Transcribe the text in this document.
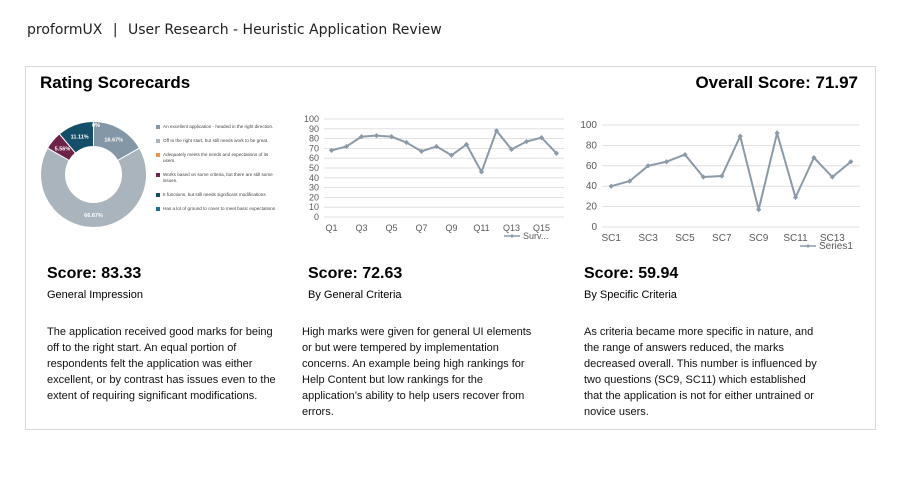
proformUX | User Research - Heuristic Application Review
Rating Scorecards	Overall Score: 71.97
16.67%
66.67%
5.56%
11.11%
0%
0%	An excellent application - headed in the right direction.
Off to the right start, but still needs work to be great.
Adequately meets the needs and expectations of its users.
Works based on some criteria, but there are still some issues.
It functions, but still needs significant modifications
Has a lot of ground to cover to meet basic expectations
0
10
20
30
40
50
60
70
80
90
100
Q1 Q3 Q5 Q7 Q9 Q11 Q13 Q15
Surv...
0
20
40
60
80
100
SC1 SC3 SC5 SC7 SC9 SC11 SC13
Series1
Score: 83.33
General Impression
The application received good marks for being off to the right start. An equal portion of respondents felt the application was either excellent, or by contrast has issues even to the extent of requiring significant modifications.
Score: 72.63
By General Criteria
High marks were given for general UI elements or but were tempered by implementation concerns. An example being high rankings for Help Content but low rankings for the application’s ability to help users recover from errors.
Score: 59.94
By Specific Criteria
As criteria became more specific in nature, and the range of answers reduced, the marks decreased overall. This number is influenced by two questions (SC9, SC11) which established that the application is not for either untrained or novice users.
